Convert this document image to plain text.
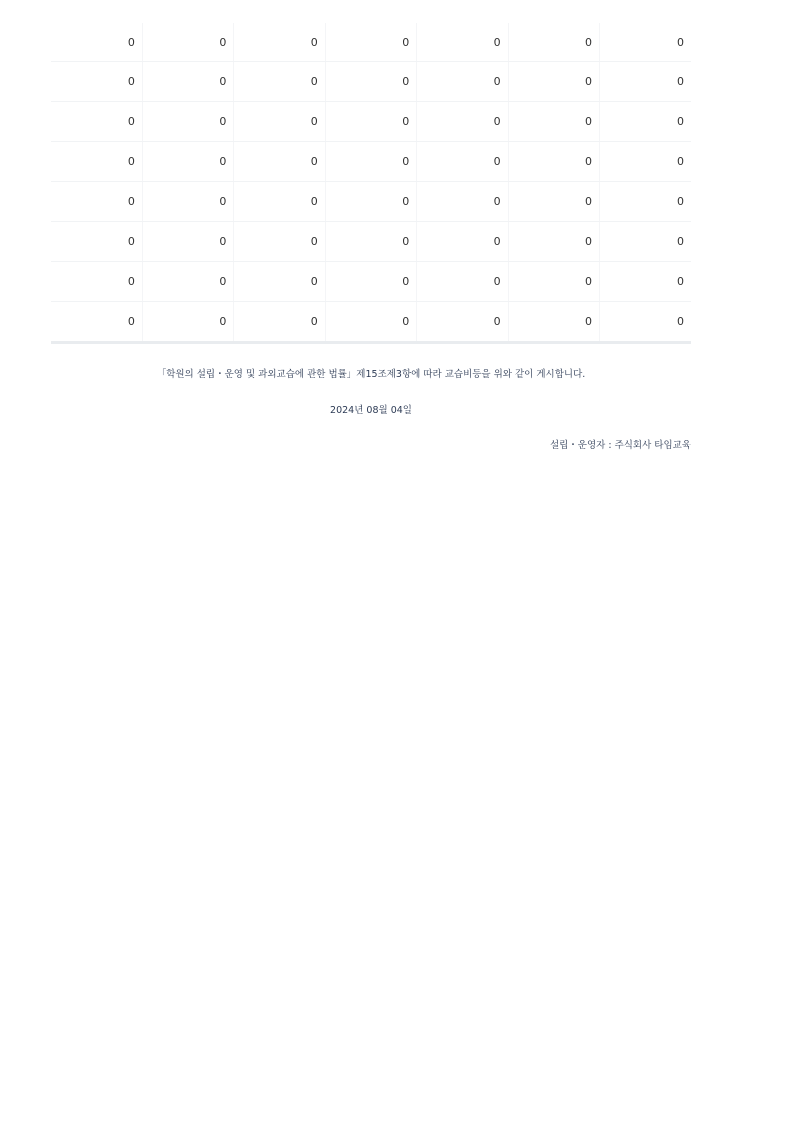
0	0	0	0	0	0	0
0	0	0	0	0	0	0
0	0	0	0	0	0	0
0	0	0	0	0	0	0
0	0	0	0	0	0	0
0	0	0	0	0	0	0
0	0	0	0	0	0	0
0	0	0	0	0	0	0
「학원의 설립・운영 및 과외교습에 관한 법률」제15조제3항에 따라 교습비등을 위와 같이 게시합니다.
2024년 08월 04일
설립・운영자 : 주식회사 타임교육
